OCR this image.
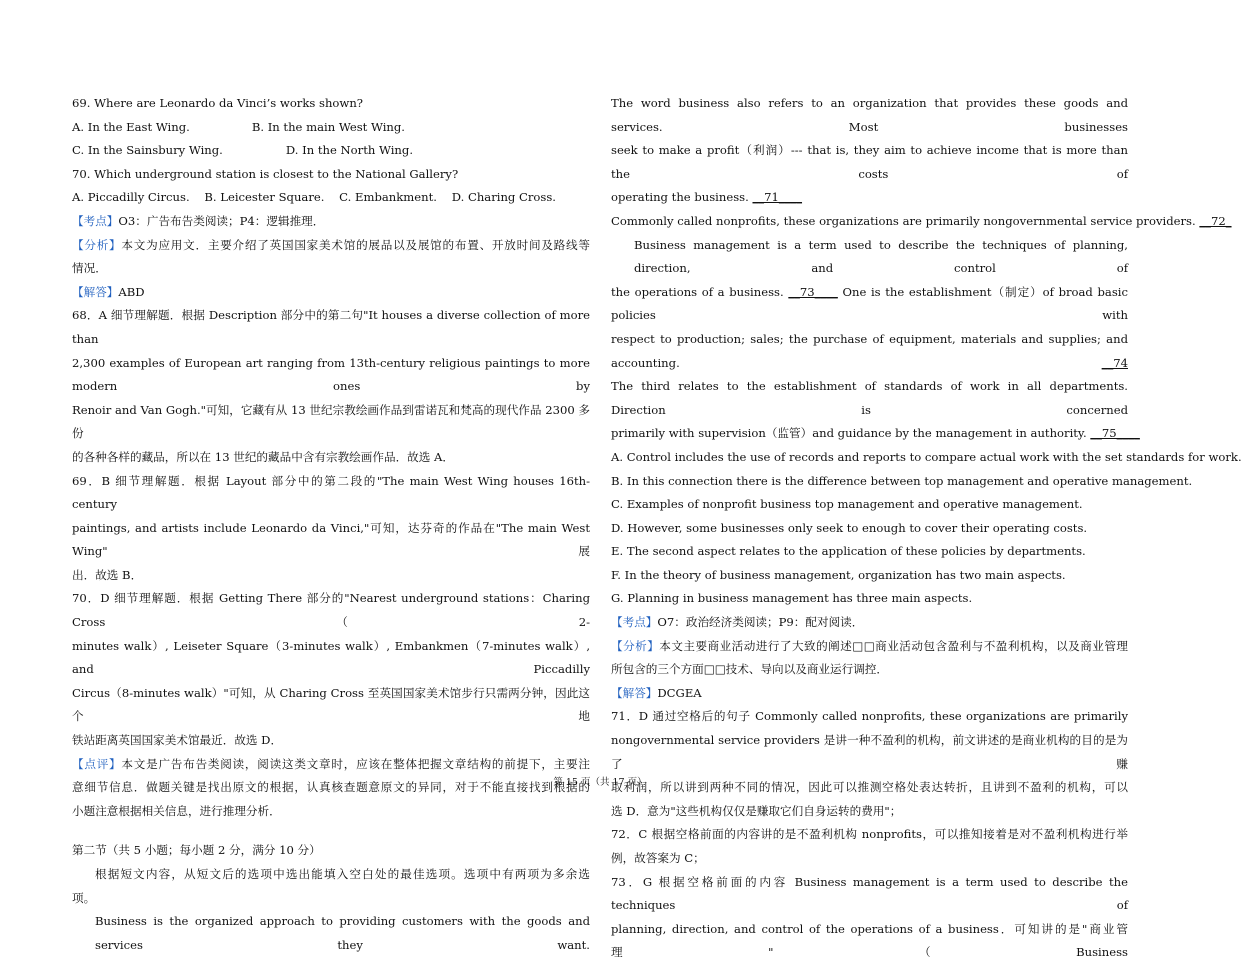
69. Where are Leonardo da Vinci’s works shown?
A. In the East Wing.	B. In the main West Wing.
C. In the Sainsbury Wing.	D. In the North Wing.
70. Which underground station is closest to the National Gallery?
A. Piccadilly Circus.    B. Leicester Square.    C. Embankment.    D. Charing Cross.
【考点】O3：广告布告类阅读；P4：逻辑推理．
【分析】本文为应用文．主要介绍了英国国家美术馆的展品以及展馆的布置、开放时间及路线等
情况．
【解答】ABD
68．A 细节理解题．根据 Description 部分中的第二句"It houses a diverse collection of more than
2,300 examples of European art ranging from 13th-century religious paintings to more modern ones by
Renoir and Van Gogh."可知，它藏有从 13 世纪宗教绘画作品到雷诺瓦和梵高的现代作品 2300 多份
的各种各样的藏品，所以在 13 世纪的藏品中含有宗教绘画作品．故选 A．
69．B 细节理解题．根据 Layout 部分中的第二段的"The main West Wing houses 16th-century
paintings, and artists include Leonardo da Vinci,"可知，达芬奇的作品在"The main West Wing"展
出．故选 B．
70．D 细节理解题．根据 Getting There 部分的"Nearest underground stations：Charing Cross（2-
minutes walk）, Leiseter Square（3-minutes walk）, Embankmen（7-minutes walk）, and Piccadilly
Circus（8-minutes walk）"可知，从 Charing Cross 至英国国家美术馆步行只需两分钟，因此这个地
铁站距离英国国家美术馆最近．故选 D．
【点评】本文是广告布告类阅读，阅读这类文章时，应该在整体把握文章结构的前提下，主要注
意细节信息．做题关键是找出原文的根据，认真核查题意原文的异同，对于不能直接找到根据的
小题注意根据相关信息，进行推理分析．
第二节（共 5 小题；每小题 2 分，满分 10 分）
根据短文内容，从短文后的选项中选出能填入空白处的最佳选项。选项中有两项为多余选
项。
Business is the organized approach to providing customers with the goods and services they want.
The word business also refers to an organization that provides these goods and services. Most businesses
seek to make a profit（利润）--- that is, they aim to achieve income that is more than the costs of
operating the business. __71____
Commonly called nonprofits, these organizations are primarily nongovernmental service providers. __72_
Business management is a term used to describe the techniques of planning, direction, and control of
the operations of a business. __73____ One is the establishment（制定）of broad basic policies with
respect to production; sales; the purchase of equipment, materials and supplies; and accounting.	__74
The third relates to the establishment of standards of work in all departments. Direction is concerned
primarily with supervision（监管）and guidance by the management in authority. __75____
A. Control includes the use of records and reports to compare actual work with the set standards for work.
B. In this connection there is the difference between top management and operative management.
C. Examples of nonprofit business top management and operative management.
D. However, some businesses only seek to enough to cover their operating costs.
E. The second aspect relates to the application of these policies by departments.
F. In the theory of business management, organization has two main aspects.
G. Planning in business management has three main aspects.
【考点】O7：政治经济类阅读；P9：配对阅读．
【分析】本文主要商业活动进行了大致的阐述□□商业活动包含盈利与不盈利机构，以及商业管理
所包含的三个方面□□技术、导向以及商业运行调控．
【解答】DCGEA
71．D 通过空格后的句子 Commonly called nonprofits, these organizations are primarily
nongovernmental service providers 是讲一种不盈利的机构，前文讲述的是商业机构的目的是为了赚
取利润，所以讲到两种不同的情况，因此可以推测空格处表达转折，且讲到不盈利的机构，可以
选 D．意为"这些机构仅仅是赚取它们自身运转的费用"；
72．C 根据空格前面的内容讲的是不盈利机构 nonprofits，可以推知接着是对不盈利机构进行举
例，故答案为 C；
73．G 根据空格前面的内容 Business management is a term used to describe the techniques of
planning, direction, and control of the operations of a business．可知讲的是"商业管理"（Business
第 15 页（共 17 页）
